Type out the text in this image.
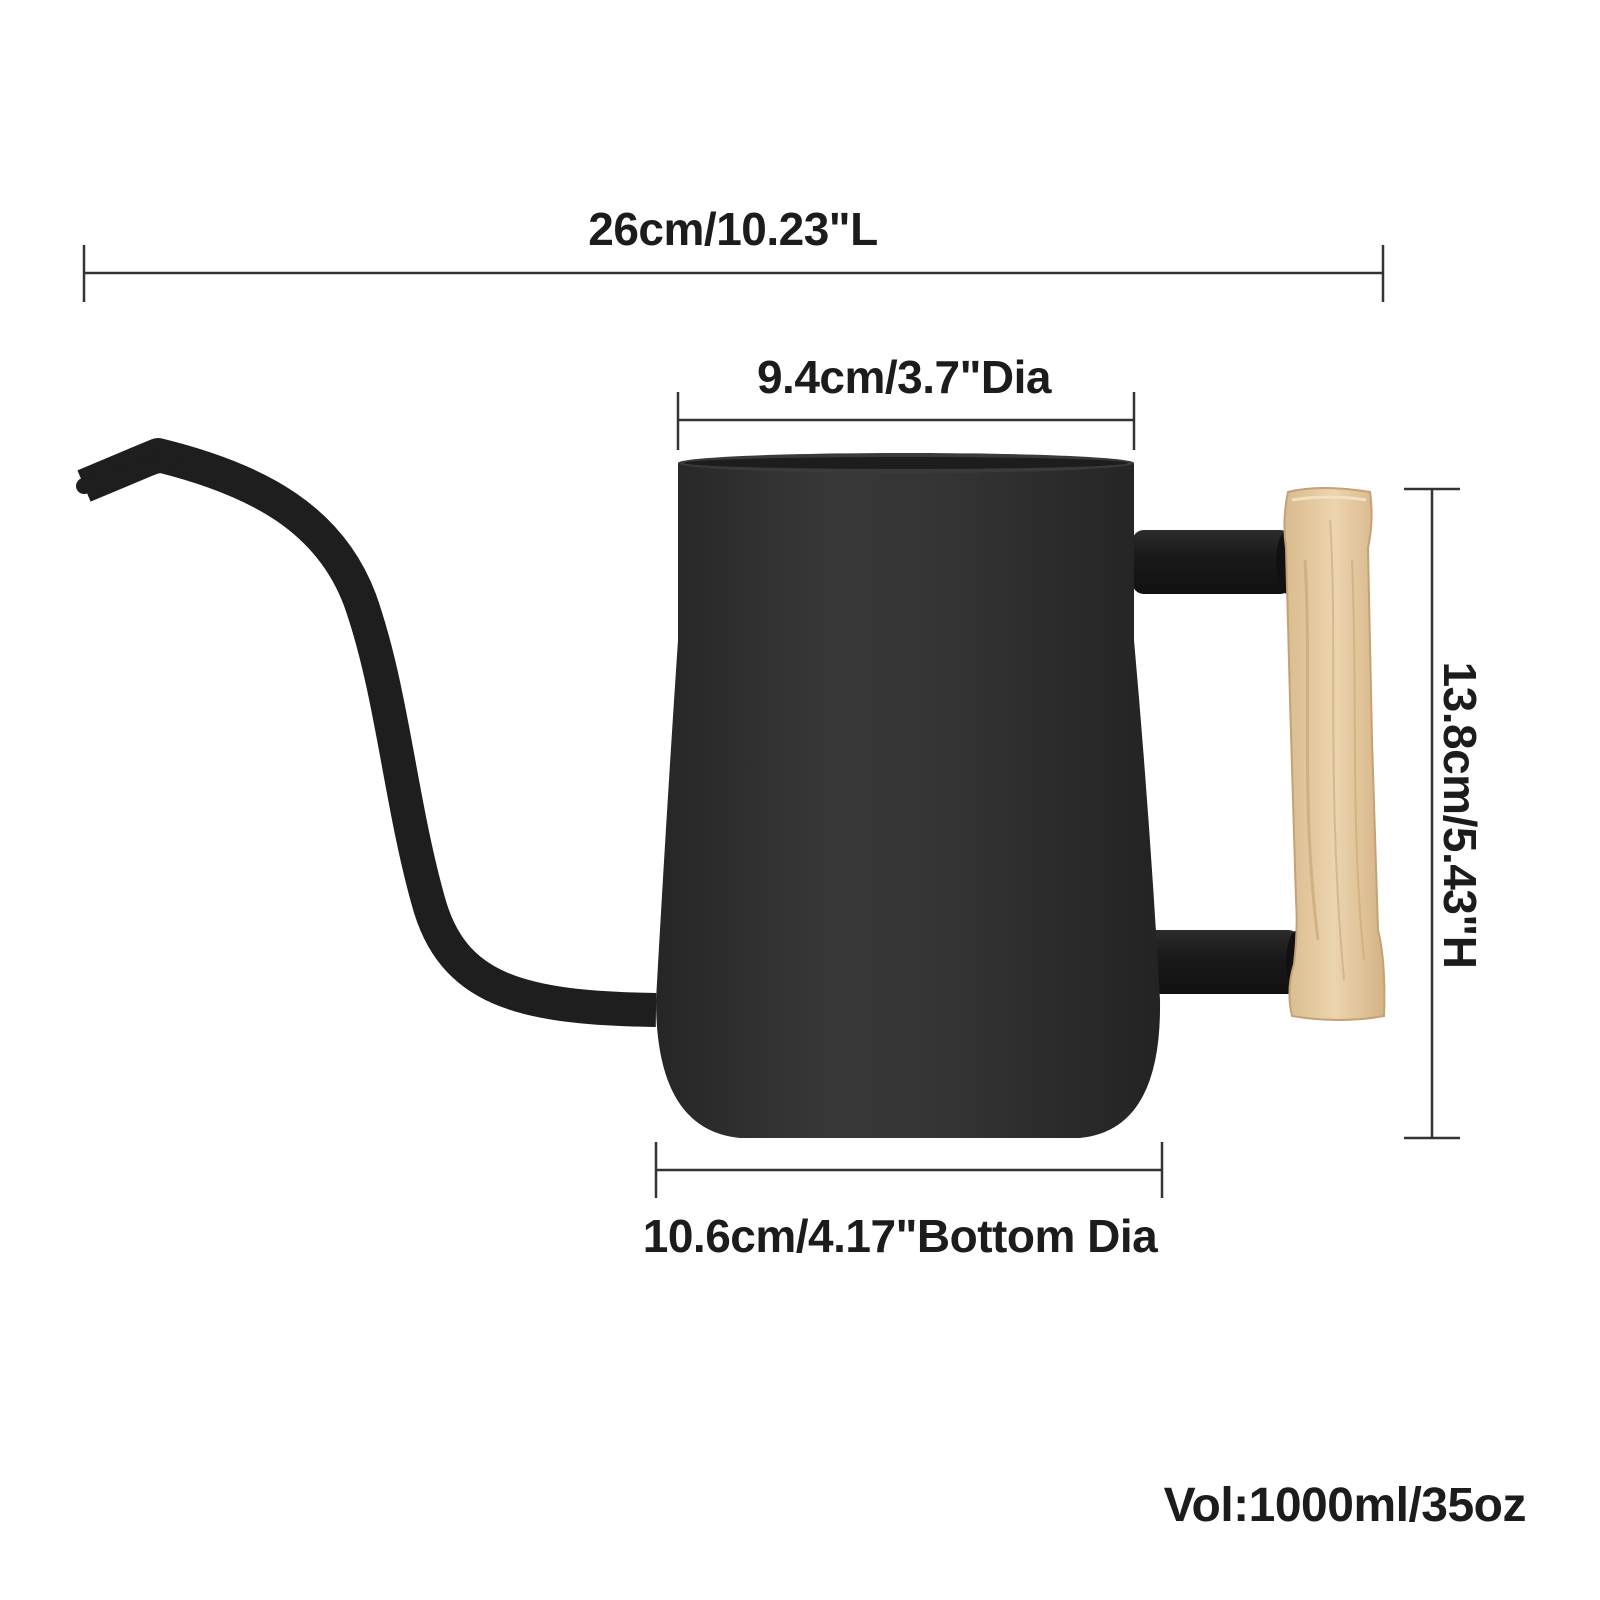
26cm/10.23"L
9.4cm/3.7"Dia
13.8cm/5.43"H
10.6cm/4.17"Bottom Dia
Vol:1000ml/35oz
